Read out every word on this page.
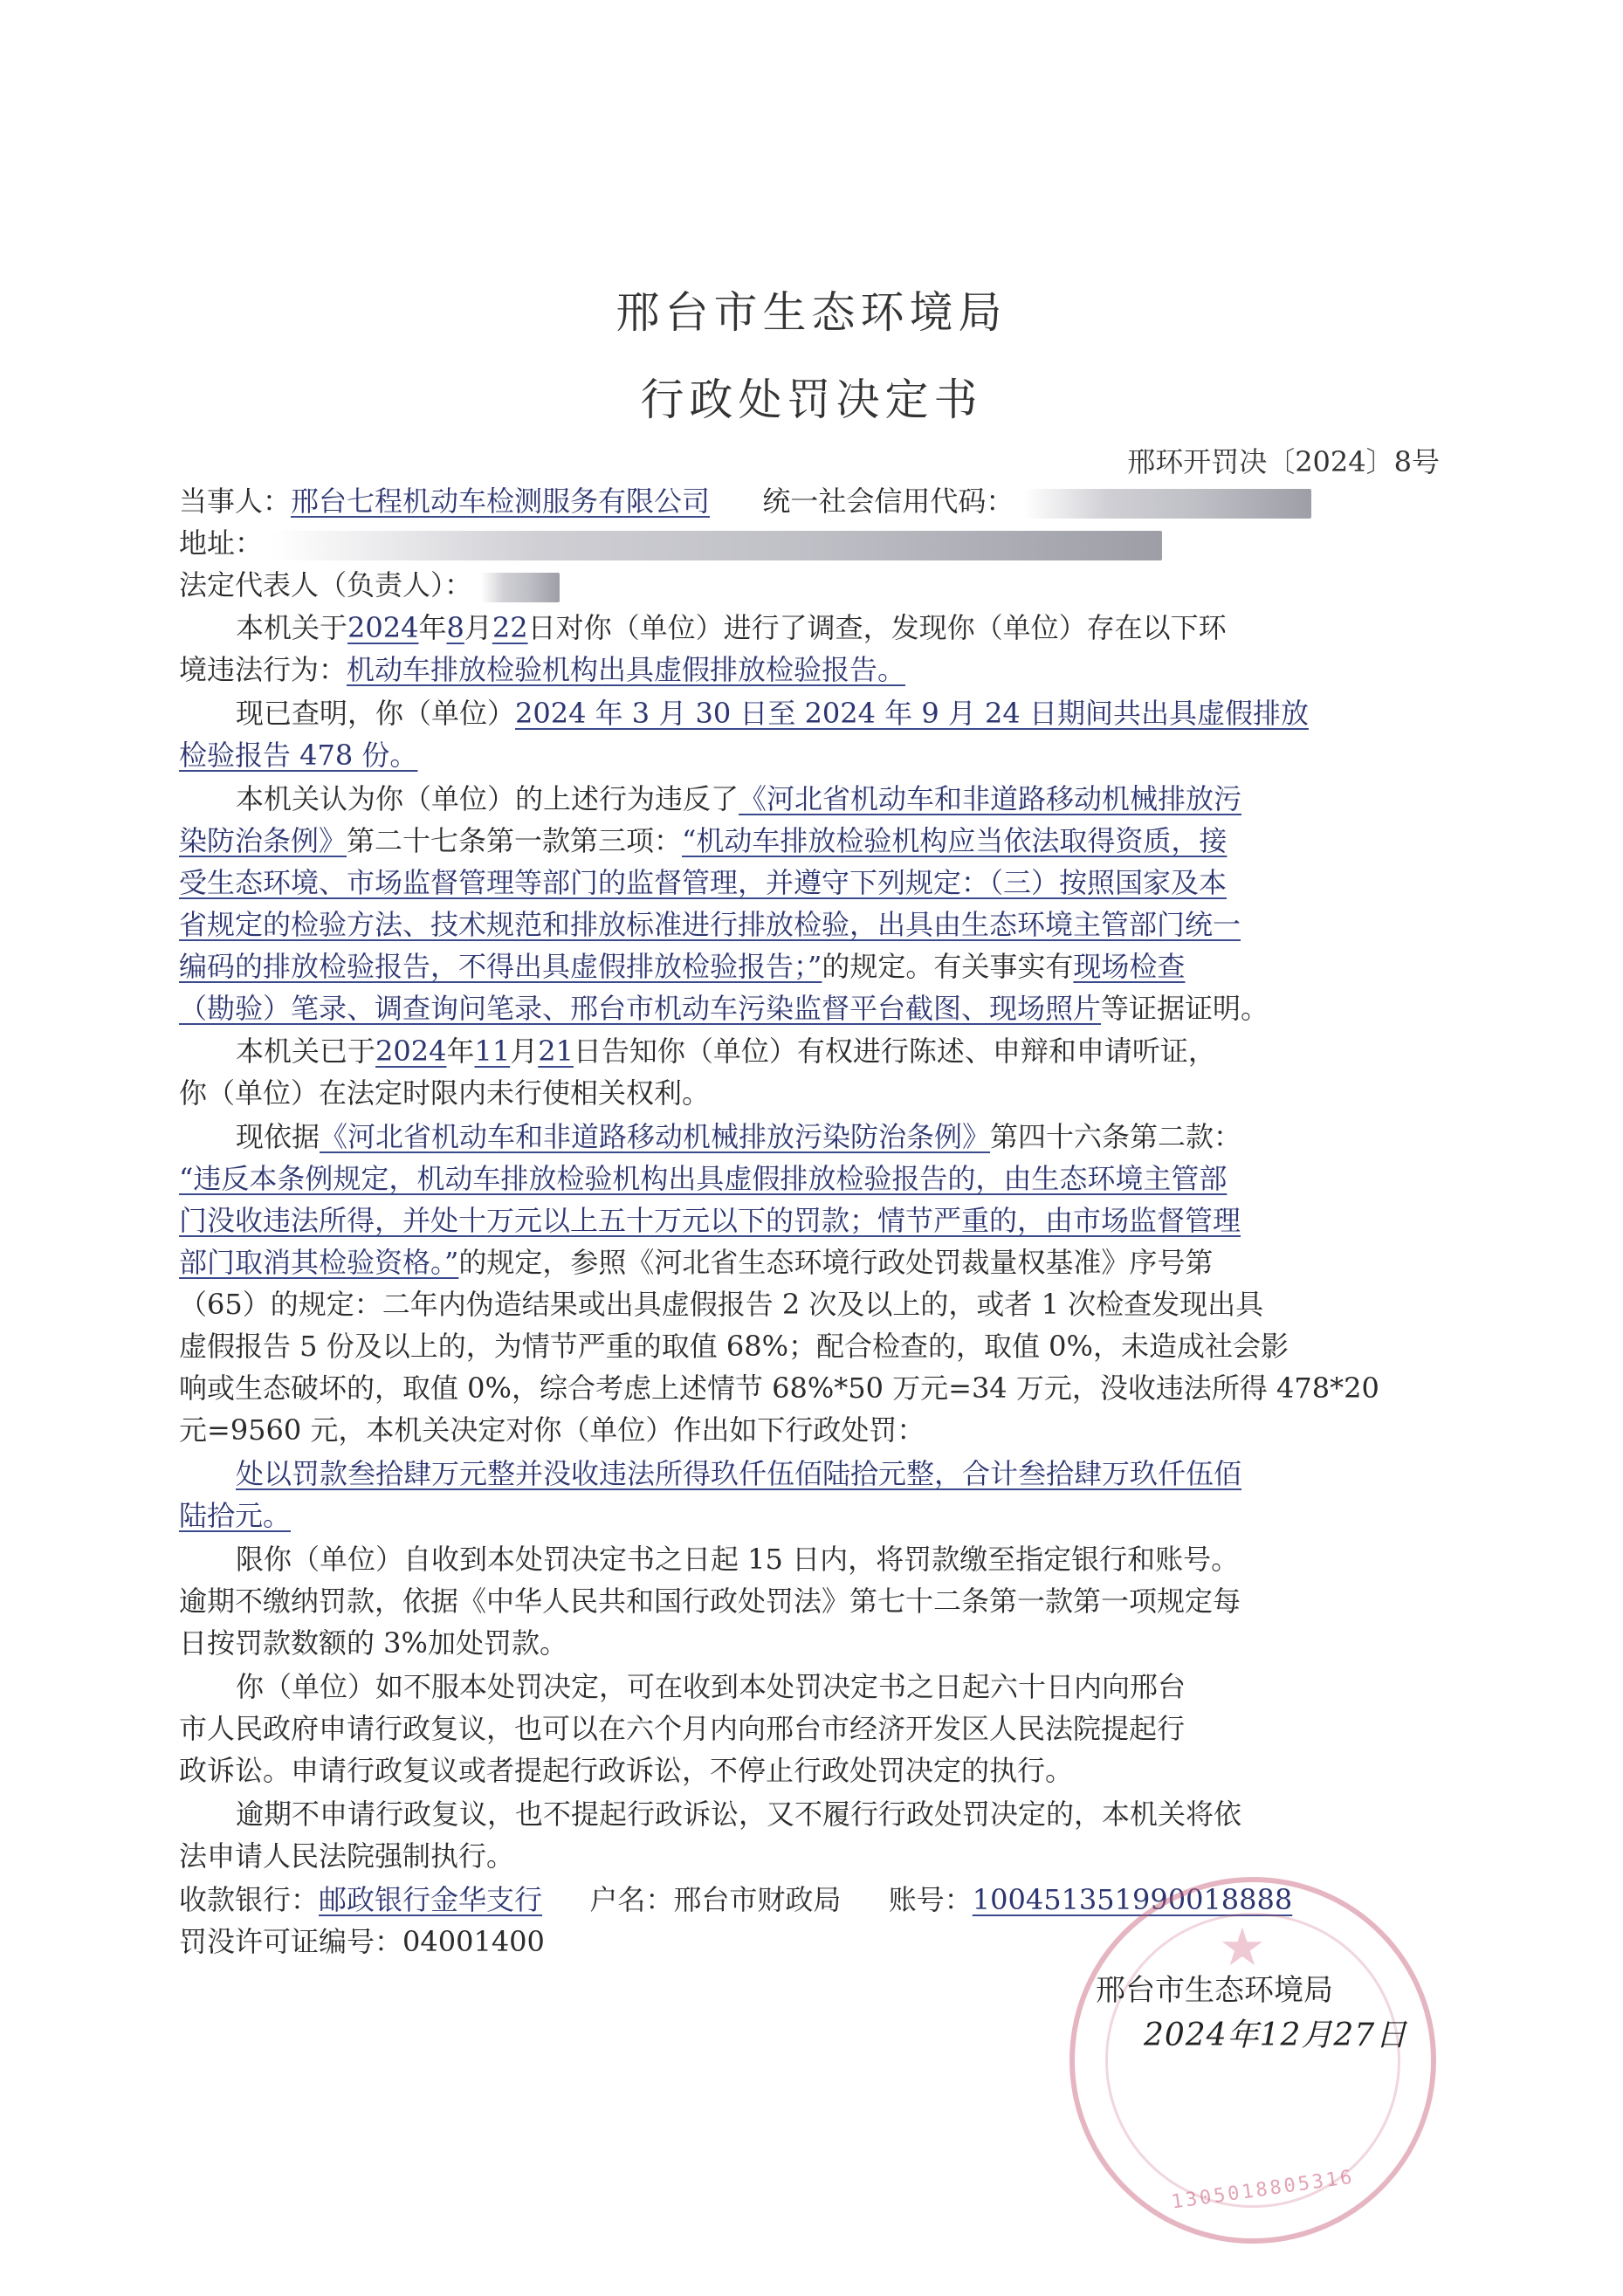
邢台市生态环境局
行政处罚决定书
邢环开罚决〔2024〕8号
当事人：邢台七程机动车检测服务有限公司 统一社会信用代码：
地址：
法定代表人（负责人）：
本机关于2024年8月22日对你（单位）进行了调查，发现你（单位）存在以下环
境违法行为：机动车排放检验机构出具虚假排放检验报告。
现已查明，你（单位）2024 年 3 月 30 日至 2024 年 9 月 24 日期间共出具虚假排放
检验报告 478 份。
本机关认为你（单位）的上述行为违反了《河北省机动车和非道路移动机械排放污
染防治条例》第二十七条第一款第三项：“机动车排放检验机构应当依法取得资质，接
受生态环境、市场监督管理等部门的监督管理，并遵守下列规定：（三）按照国家及本
省规定的检验方法、技术规范和排放标准进行排放检验，出具由生态环境主管部门统一
编码的排放检验报告，不得出具虚假排放检验报告；”的规定。有关事实有现场检查
（勘验）笔录、调查询问笔录、邢台市机动车污染监督平台截图、现场照片等证据证明。
本机关已于2024年11月21日告知你（单位）有权进行陈述、申辩和申请听证，
你（单位）在法定时限内未行使相关权利。
现依据《河北省机动车和非道路移动机械排放污染防治条例》第四十六条第二款：
“违反本条例规定，机动车排放检验机构出具虚假排放检验报告的，由生态环境主管部
门没收违法所得，并处十万元以上五十万元以下的罚款；情节严重的，由市场监督管理
部门取消其检验资格。”的规定，参照《河北省生态环境行政处罚裁量权基准》序号第
（65）的规定：二年内伪造结果或出具虚假报告 2 次及以上的，或者 1 次检查发现出具
虚假报告 5 份及以上的，为情节严重的取值 68%；配合检查的，取值 0%，未造成社会影
响或生态破坏的，取值 0%，综合考虑上述情节 68%*50 万元=34 万元，没收违法所得 478*20
元=9560 元，本机关决定对你（单位）作出如下行政处罚：
处以罚款叁拾肆万元整并没收违法所得玖仟伍佰陆拾元整，合计叁拾肆万玖仟伍佰
陆拾元。
限你（单位）自收到本处罚决定书之日起 15 日内，将罚款缴至指定银行和账号。
逾期不缴纳罚款，依据《中华人民共和国行政处罚法》第七十二条第一款第一项规定每
日按罚款数额的 3%加处罚款。
你（单位）如不服本处罚决定，可在收到本处罚决定书之日起六十日内向邢台
市人民政府申请行政复议，也可以在六个月内向邢台市经济开发区人民法院提起行
政诉讼。申请行政复议或者提起行政诉讼，不停止行政处罚决定的执行。
逾期不申请行政复议，也不提起行政诉讼，又不履行行政处罚决定的，本机关将依
法申请人民法院强制执行。
收款银行：邮政银行金华支行 户名：邢台市财政局 账号：10045135199001​8888
罚没许可证编号：04001400	★
1305018805316
邢台市生态环境局
2024年12月27日
